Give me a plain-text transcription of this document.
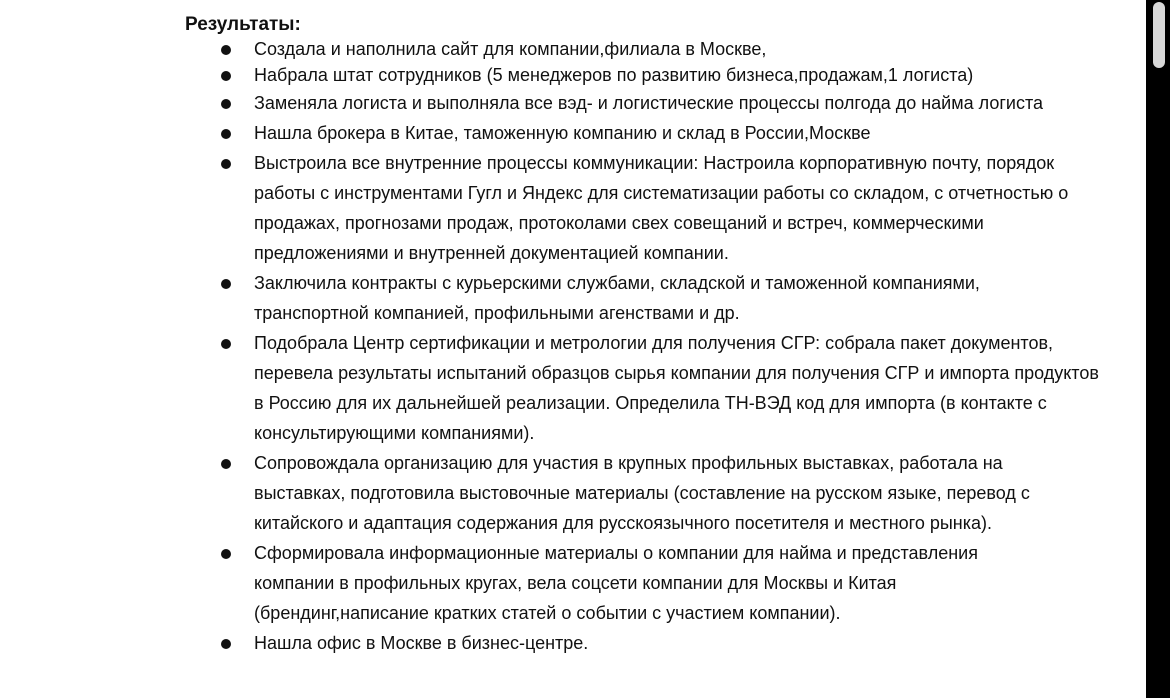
Результаты:
Создала и наполнила сайт для компании,филиала в Москве,
Набрала штат сотрудников (5 менеджеров по развитию бизнеса,продажам,1 логиста)
Заменяла логиста и выполняла все вэд- и логистические процессы полгода до найма логиста
Нашла брокера в Китае, таможенную компанию и склад в России,Москве
Выстроила все внутренние процессы коммуникации: Настроила корпоративную почту, порядок работы с инструментами Гугл и Яндекс для систематизации работы со складом, с отчетностью о продажах, прогнозами продаж, протоколами свех совещаний и встреч, коммерческими предложениями и внутренней документацией компании.
Заключила контракты с курьерскими службами, складской и таможенной компаниями, транспортной компанией, профильными агенствами и др.
Подобрала Центр сертификации и метрологии для получения СГР: собрала пакет документов, перевела результаты испытаний образцов сырья компании для получения СГР и импорта продуктов в Россию для их дальнейшей реализации. Определила ТН-ВЭД код для импорта (в контакте с консультирующими компаниями).
Сопровождала организацию для участия в крупных профильных выставках, работала на выставках, подготовила выстовочные материалы (составление на русском языке, перевод с китайского и адаптация содержания для русскоязычного посетителя и местного рынка).
Сформировала информационные материалы о компании для найма и представления компании в профильных кругах, вела соцсети компании для Москвы и Китая (брендинг,написание кратких статей о событии с участием компании).
Нашла офис в Москве в бизнес-центре.
